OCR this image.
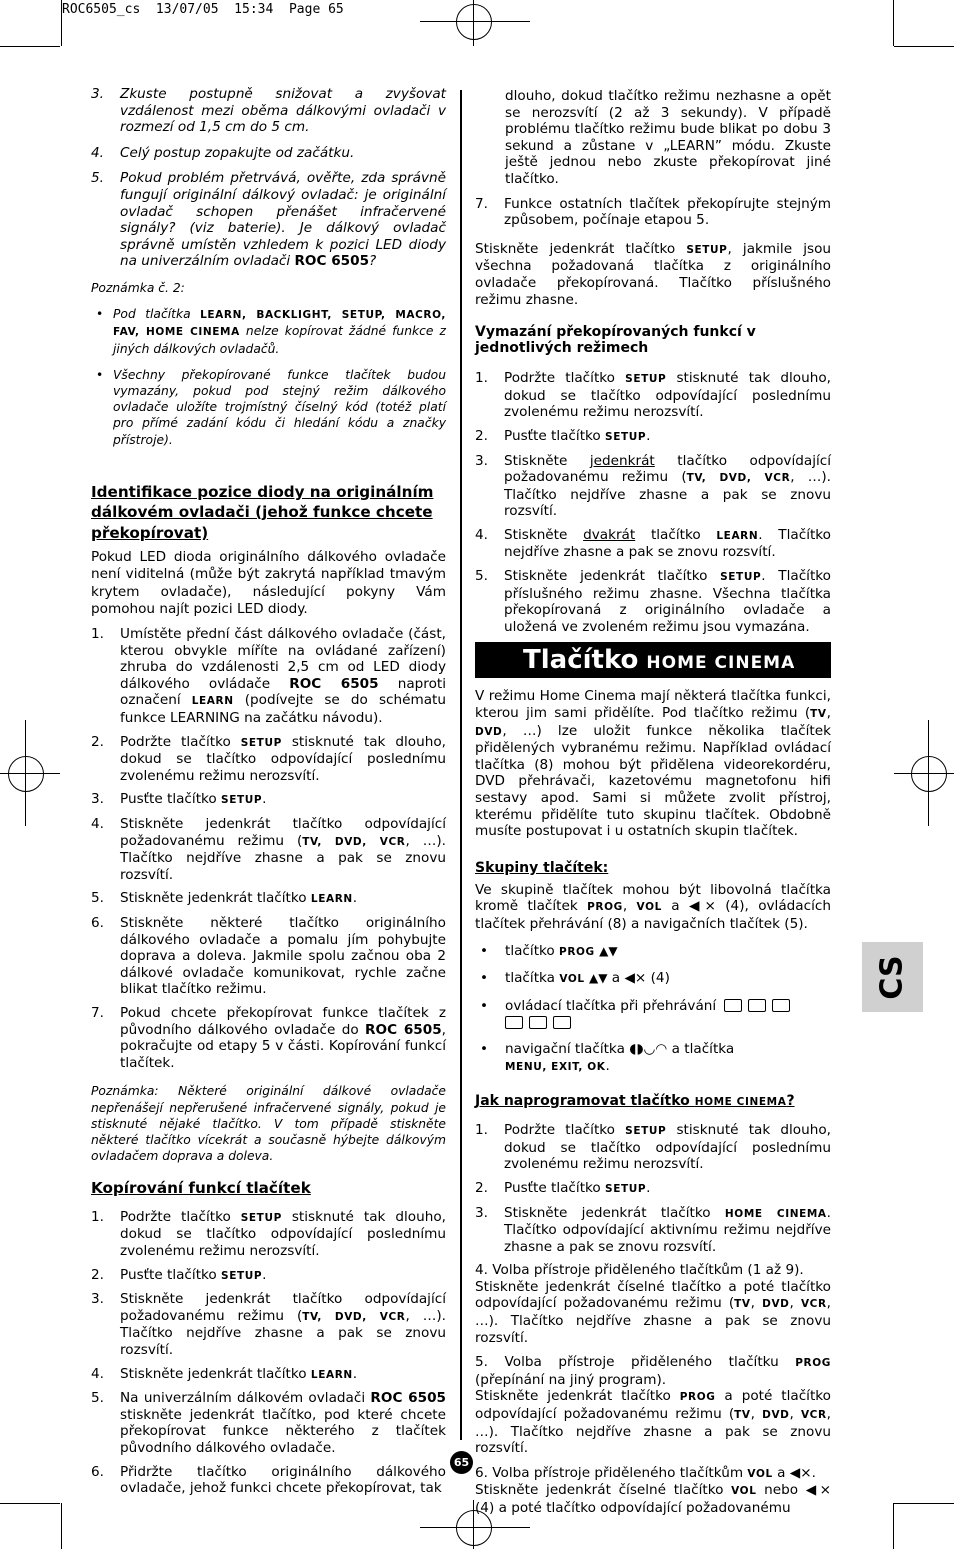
ROC6505_cs  13/07/05  15:34  Page 65
3. Zkuste postupně snižovat a zvyšovat vzdálenost mezi oběma dálkovými ovladači v rozmezí od 1,5 cm do 5 cm.
4. Celý postup zopakujte od začátku.
5. Pokud problém přetrvává, ověřte, zda správně fungují originální dálkový ovladač: je originální ovladač schopen přenášet infračervené signály? (viz baterie). Je dálkový ovladač správně umístěn vzhledem k pozici LED diody na univerzálním ovladači ROC 6505?

Poznámka č. 2:

• Pod tlačítka LEARN, BACKLIGHT, SETUP, MACRO, FAV, HOME CINEMA nelze kopírovat žádné funkce z jiných dálkových ovladačů.
• Všechny překopírované funkce tlačítek budou vymazány, pokud pod stejný režim dálkového ovladače uložíte trojmístný číselný kód (totéž platí pro přímé zadání kódu či hledání kódu a značky přístroje).
Identifikace pozice diody na originálním dálkovém ovladači (jehož funkce chcete překopírovat)

Pokud LED dioda originálního dálkového ovladače není viditelná (může být zakrytá například tmavým krytem ovladače), následující pokyny Vám pomohou najít pozici LED diody.

1. Umístěte přední část dálkového ovladače (část, kterou obvykle míříte na ovládané zařízení) zhruba do vzdálenosti 2,5 cm od LED diody dálkového ovládače ROC 6505 naproti označení LEARN (podívejte se do schématu funkce LEARNING na začátku návodu).
2. Podržte tlačítko SETUP stisknuté tak dlouho, dokud se tlačítko odpovídající poslednímu zvolenému režimu nerozsvítí.
3. Pusťte tlačítko SETUP.
4. Stiskněte jedenkrát tlačítko odpovídající požadovanému režimu (TV, DVD, VCR, …). Tlačítko nejdříve zhasne a pak se znovu rozsvítí.
5. Stiskněte jedenkrát tlačítko LEARN.
6. Stiskněte některé tlačítko originálního dálkového ovladače a pomalu jím pohybujte doprava a doleva. Jakmile spolu začnou oba 2 dálkové ovladače komunikovat, rychle začne blikat tlačítko režimu.
7. Pokud chcete překopírovat funkce tlačítek z původního dálkového ovladače do ROC 6505, pokračujte od etapy 5 v části. Kopírování funkcí tlačítek.

Poznámka: Některé originální dálkové ovladače nepřenášejí nepřerušené infračervené signály, pokud je stisknuté nějaké tlačítko. V tom případě stiskněte některé tlačítko vícekrát a současně hýbejte dálkovým ovladačem doprava a doleva.

Kopírování funkcí tlačítek
1. Podržte tlačítko SETUP stisknuté tak dlouho, dokud se tlačítko odpovídající poslednímu zvolenému režimu nerozsvítí.
2. Pusťte tlačítko SETUP.
3. Stiskněte jedenkrát tlačítko odpovídající požadovanému režimu (TV, DVD, VCR, …). Tlačítko nejdříve zhasne a pak se znovu rozsvítí.
4. Stiskněte jedenkrát tlačítko LEARN.
5. Na univerzálním dálkovém ovladači ROC 6505 stiskněte jedenkrát tlačítko, pod které chcete překopírovat funkce některého z tlačítek původního dálkového ovladače.
6. Přidržte tlačítko originálního dálkového ovladače, jehož funkci chcete překopírovat, tak

dlouho, dokud tlačítko režimu nezhasne a opět se nerozsvítí (2 až 3 sekundy). V případě problému tlačítko režimu bude blikat po dobu 3 sekund a zůstane v „LEARN” módu. Zkuste ještě jednou nebo zkuste překopírovat jiné tlačítko.

7. Funkce ostatních tlačítek překopírujte stejným způsobem, počínaje etapou 5.

Stiskněte jedenkrát tlačítko SETUP, jakmile jsou všechna požadovaná tlačítka z originálního ovladače překopírovaná. Tlačítko příslušného režimu zhasne.

Vymazání překopírovaných funkcí v jednotlivých režimech
1. Podržte tlačítko SETUP stisknuté tak dlouho, dokud se tlačítko odpovídající poslednímu zvolenému režimu nerozsvítí.
2. Pusťte tlačítko SETUP.
3. Stiskněte jedenkrát tlačítko odpovídající požadovanému režimu (TV, DVD, VCR, …). Tlačítko nejdříve zhasne a pak se znovu rozsvítí.
4. Stiskněte dvakrát tlačítko LEARN. Tlačítko nejdříve zhasne a pak se znovu rozsvítí.
5. Stiskněte jedenkrát tlačítko SETUP. Tlačítko příslušného režimu zhasne. Všechna tlačítka překopírovaná z originálního ovladače a uložená ve zvoleném režimu jsou vymazána.
Tlačítko HOME CINEMA

V režimu Home Cinema mají některá tlačítka funkci, kterou jim sami přidělíte. Pod tlačítko režimu (TV, DVD, …) lze uložit funkce několika tlačítek přidělených vybranému režimu. Například ovládací tlačítka (8) mohou být přidělena videorekordéru, DVD přehrávači, kazetovému magnetofonu hifi sestavy apod. Sami si můžete zvolit přístroj, kterému přidělíte tuto skupinu tlačítek. Obdobně musíte postupovat i u ostatních skupin tlačítek.

Skupiny tlačítek:

Ve skupině tlačítek mohou být libovolná tlačítka kromě tlačítek PROG, VOL a ◀× (4), ovládacích tlačítek přehrávání (8) a navigačních tlačítek (5).

• tlačítko PROG ▲▼
• tlačítka VOL ▲▼ a ◀× (4)
• ovládací tlačítka při přehrávání

• navigační tlačítka ◖◗◡◠ a tlačítka
MENU, EXIT, OK.
Jak naprogramovat tlačítko HOME CINEMA?
1. Podržte tlačítko SETUP stisknuté tak dlouho, dokud se tlačítko odpovídající poslednímu zvolenému režimu nerozsvítí.
2. Pusťte tlačítko SETUP.
3. Stiskněte jedenkrát tlačítko HOME CINEMA. Tlačítko odpovídající aktivnímu režimu nejdříve zhasne a pak se znovu rozsvítí.

4. Volba přístroje přiděleného tlačítkům (1 až 9).

Stiskněte jedenkrát číselné tlačítko a poté tlačítko odpovídající požadovanému režimu (TV, DVD, VCR, …). Tlačítko nejdříve zhasne a pak se znovu rozsvítí.

5. Volba přístroje přiděleného tlačítku PROG (přepínání na jiný program).

Stiskněte jedenkrát tlačítko PROG a poté tlačítko odpovídající požadovanému režimu (TV, DVD, VCR, …). Tlačítko nejdříve zhasne a pak se znovu rozsvítí.

6. Volba přístroje přiděleného tlačítkům VOL a ◀×.

Stiskněte jedenkrát číselné tlačítko VOL nebo ◀× (4) a poté tlačítko odpovídající požadovanému

CS
65
